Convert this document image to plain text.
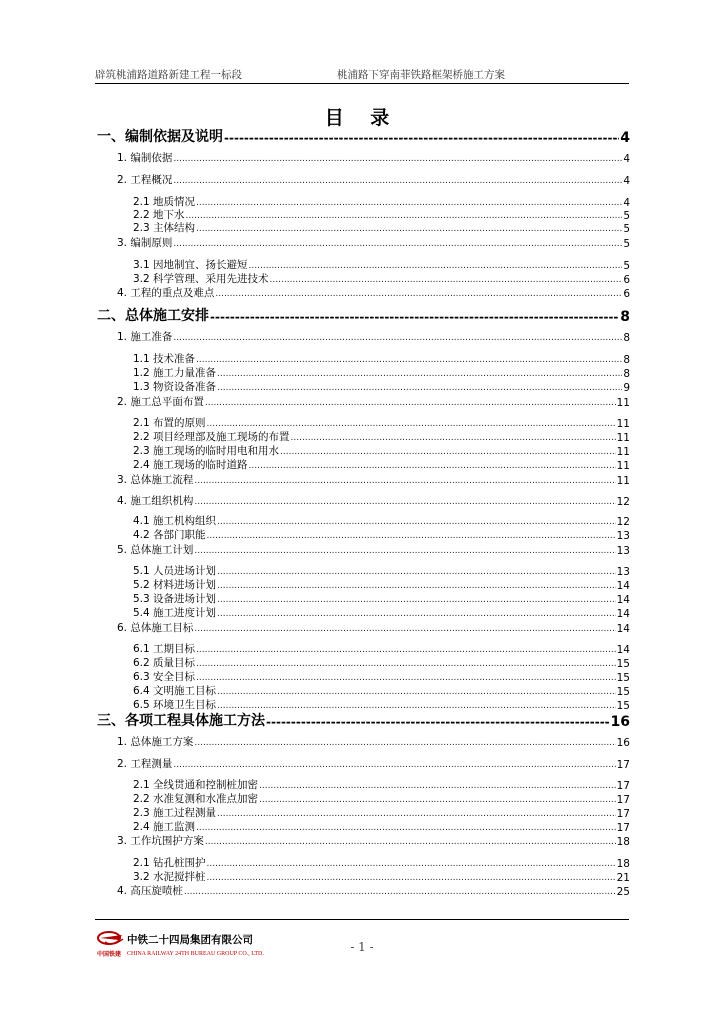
辟筑桃浦路道路新建工程一标段	桃浦路下穿南菲铁路框架桥施工方案
目 录
一、编制依据及说明 -----	4
1. 编制依据 .....	4
2. 工程概况 .....	4
2.1 地质情况 .....	4
2.2 地下水 .....	5
2.3 主体结构 .....	5
3. 编制原则 .....	5
3.1 因地制宜、扬长避短 .....	5
3.2 科学管理、采用先进技术 .....	6
4. 工程的重点及难点 .....	6
二、总体施工安排 -----	8
1. 施工准备 .....	8
1.1 技术准备 .....	8
1.2 施工力量准备 .....	8
1.3 物资设备准备 .....	9
2. 施工总平面布置 .....	11
2.1 布置的原则 .....	11
2.2 项目经理部及施工现场的布置 .....	11
2.3 施工现场的临时用电和用水 .....	11
2.4 施工现场的临时道路 .....	11
3. 总体施工流程 .....	11
4. 施工组织机构 .....	12
4.1 施工机构组织 .....	12
4.2 各部门职能 .....	13
5. 总体施工计划 .....	13
5.1 人员进场计划 .....	13
5.2 材料进场计划 .....	14
5.3 设备进场计划 .....	14
5.4 施工进度计划 .....	14
6. 总体施工目标 .....	14
6.1 工期目标 .....	14
6.2 质量目标 .....	15
6.3 安全目标 .....	15
6.4 文明施工目标 .....	15
6.5 环境卫生目标 .....	15
三、各项工程具体施工方法 -----	16
1. 总体施工方案 .....	16
2. 工程测量 .....	17
2.1 全线贯通和控制桩加密 .....	17
2.2 水准复测和水准点加密 .....	17
2.3 施工过程测量 .....	17
2.4 施工监测 .....	17
3. 工作坑围护方案 .....	18
2.1 钻孔桩围护 .....	18
3.2 水泥搅拌桩 .....	21
4. 高压旋喷桩 .....	25
中铁二十四局集团有限公司
中国铁建 CHINA RAILWAY 24TH BUREAU GROUP CO., LTD.	- 1 -
